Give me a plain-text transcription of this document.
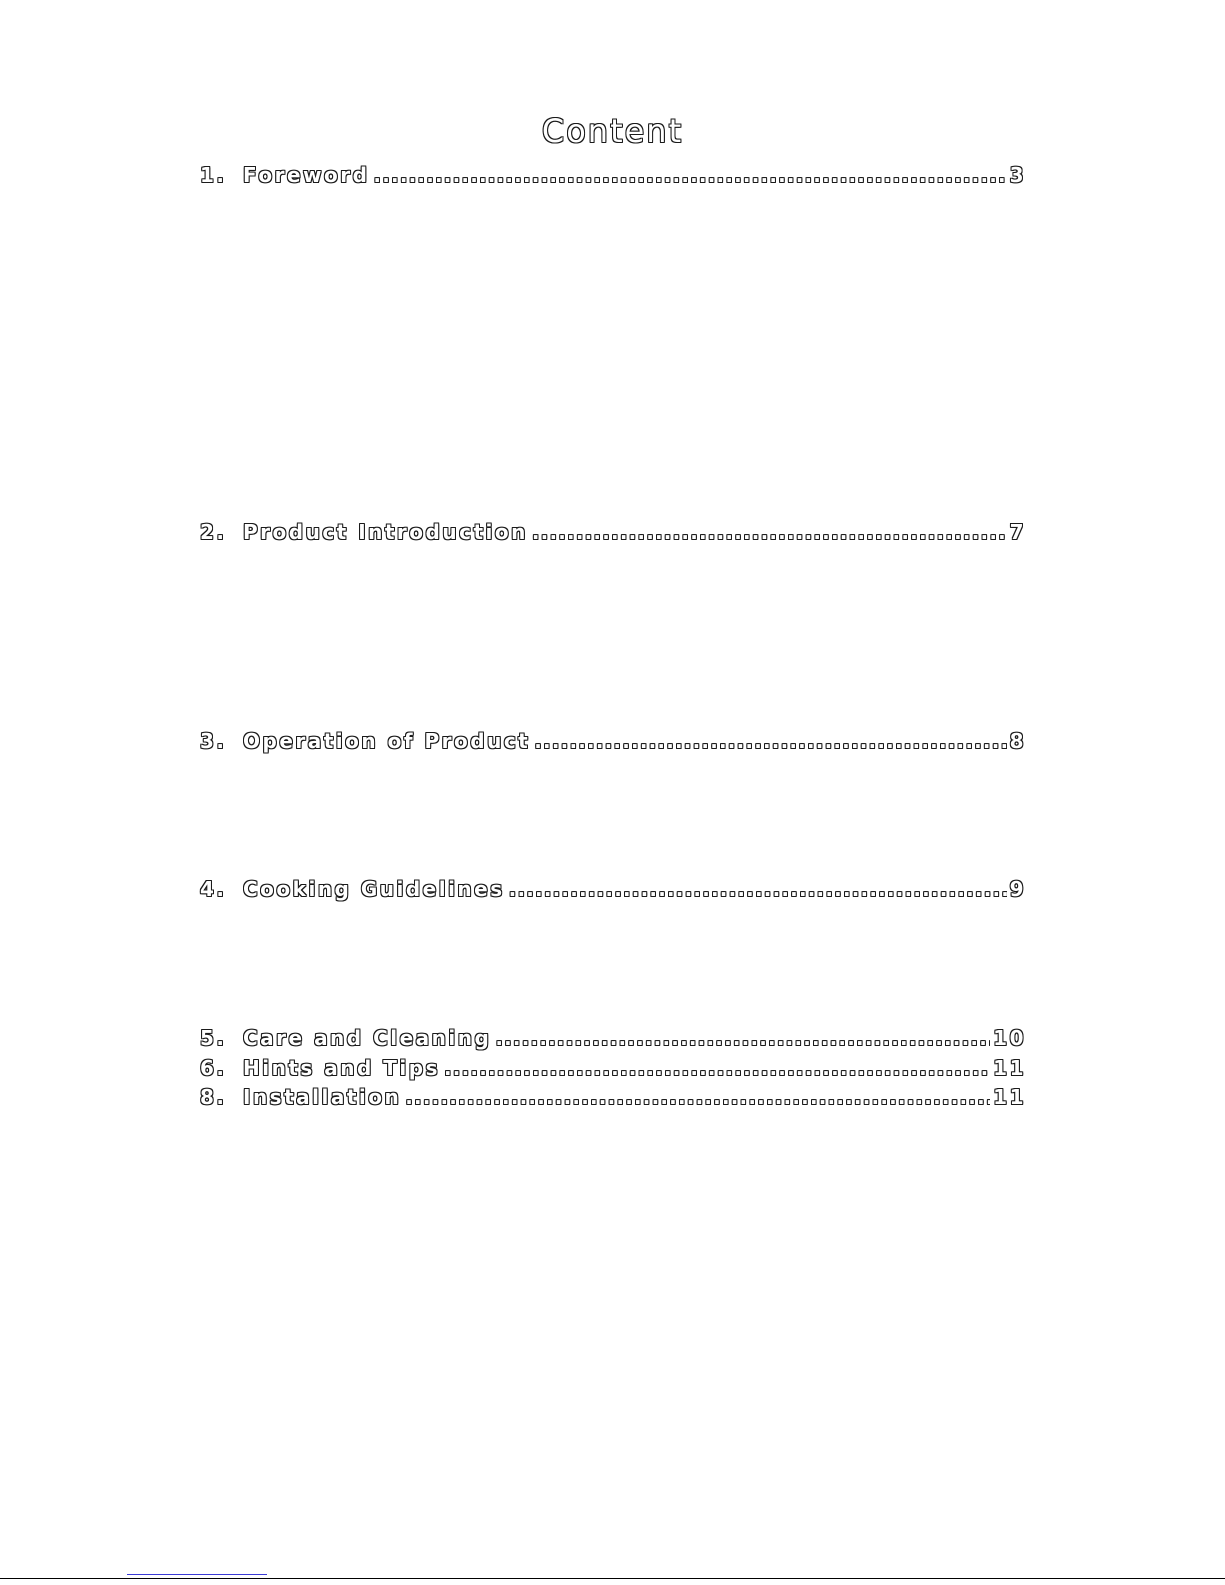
Content
1. Foreword .....	3
2. Product Introduction .....	7
3. Operation of Product .....	8
4. Cooking Guidelines .....	9
5. Care and Cleaning .....	10
6. Hints and Tips .....	11
8. Installation .....	11
